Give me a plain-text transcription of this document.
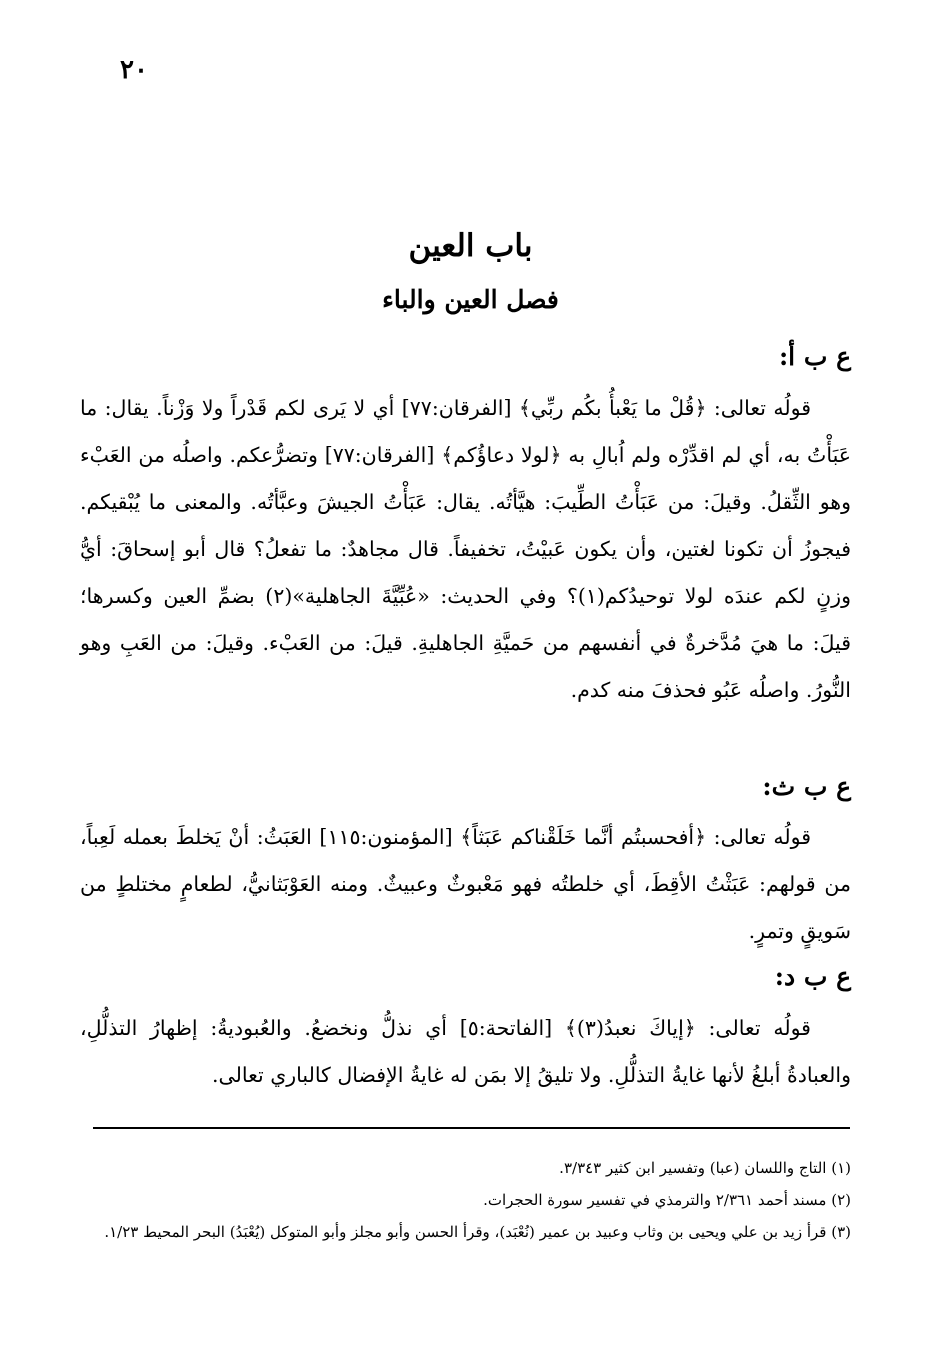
٢٠
باب العين
فصل العين والباء
ع ب أ:

قولُه تعالى: ﴿قُلْ ما يَعْبأُ بكُم ربِّي﴾ [الفرقان:٧٧] أي لا يَرى لكم قَدْراً ولا وَزْناً. يقال: ما عَبَأْتُ به، أي لم اقدِّرْه ولم اُبالِ به ﴿لولا دعاؤُكم﴾ [الفرقان:٧٧] وتضرُّعكم. واصلُه من العَبْء وهو الثِّقلُ. وقيلَ: من عَبَأْتُ الطِّيبَ: هيَّأتُه. يقال: عَبَأْتُ الجيشَ وعبَّأتُه. والمعنى ما يُبْقيكم. فيجوزُ أن تكونا لغتين، وأن يكون عَبيْتُ، تخفيفاً. قال مجاهدٌ: ما تفعلُ؟ قال أبو إسحاقَ: أيُّ وزنٍ لكم عندَه لولا توحيدُكم(١)؟ وفي الحديث: «عُبِّيَّةَ الجاهلية»(٢) بضمِّ العين وكسرها؛ قيلَ: ما هيَ مُدَّخرةٌ في أنفسهم من حَميَّةِ الجاهليةِ. قيلَ: من العَبْء. وقيلَ: من العَبِ وهو النُّورُ. واصلُه عَبُو فحذفَ منه كدم.

ع ب ث:

قولُه تعالى: ﴿أفحسبتُم أنَّما خَلَقْناكم عَبَثاً﴾ [المؤمنون:١١٥] العَبَثُ: أنْ يَخلطَ بعمله لَعِباً، من قولهم: عَبَثْتُ الأقِطَ، أي خلطتُه فهو مَعْبوثٌ وعبيثٌ. ومنه العَوْبَثانيُّ، لطعامٍ مختلطٍ من سَويقٍ وتمرٍ.

ع ب د:

قولُه تعالى: ﴿إياكَ نعبدُ(٣)﴾ [الفاتحة:٥] أي نذلُّ ونخضعُ. والعُبوديةُ: إظهارُ التذلُّلِ، والعبادةُ أبلغُ لأنها غايةُ التذلُّلِ. ولا تليقُ إلا بمَن له غايةُ الإفضال كالباري تعالى.

(١) التاج واللسان (عبا) وتفسير ابن كثير ٣/٣٤٣.
(٢) مسند أحمد ٢/٣٦١ والترمذي في تفسير سورة الحجرات.
(٣) قرأ زيد بن علي ويحيى بن وثاب وعبيد بن عمير (نُعْبَد)، وقرأ الحسن وأبو مجلز وأبو المتوكل (يُعْبَدُ) البحر المحيط ١/٢٣.
